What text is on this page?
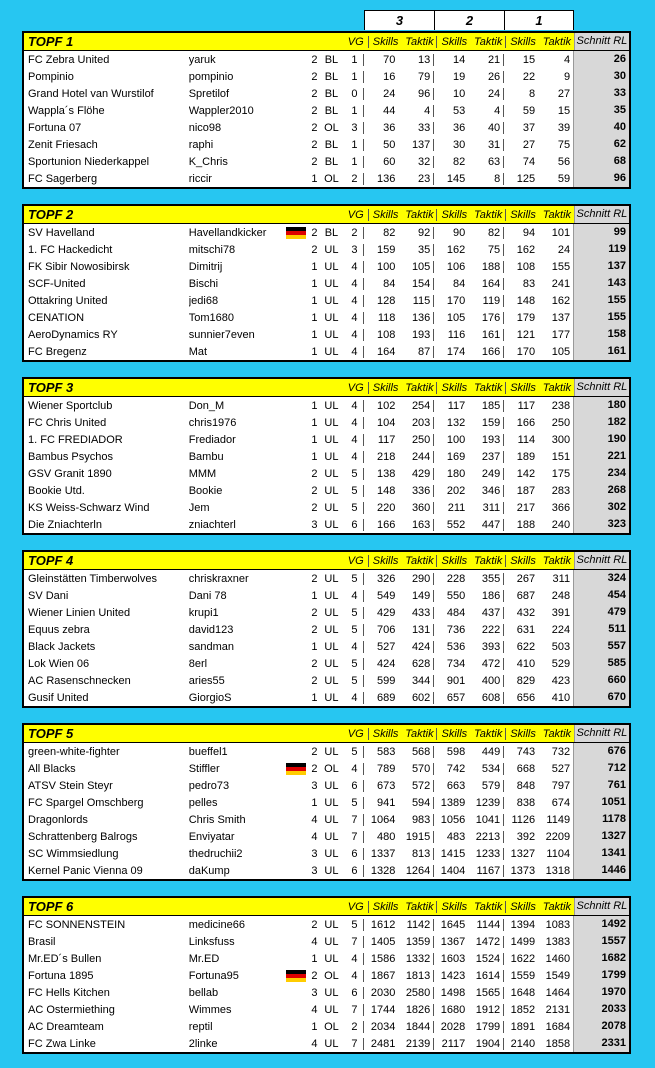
3	2	1
TOPF 1	VG Skills Taktik Skills Taktik Skills Taktik Schnitt RL
FC Zebra United	yaruk	2 BL	1	70	13	14	21	15	4	26
Pompinio	pompinio	2 BL	1	16	79	19	26	22	9	30
Grand Hotel van Wurstilof	Spretilof	2 BL	0	24	96	10	24	8	27	33
Wappla´s Flöhe	Wappler2010	2 BL	1	44	4	53	4	59	15	35
Fortuna 07	nico98	2 OL	3	36	33	36	40	37	39	40
Zenit Friesach	raphi	2 BL	1	50	137	30	31	27	75	62
Sportunion Niederkappel	K_Chris	2 BL	1	60	32	82	63	74	56	68
FC Sagerberg	riccir	1 OL	2	136	23	145	8	125	59	96
TOPF 2	VG Skills Taktik Skills Taktik Skills Taktik Schnitt RL
SV Havelland	Havellandkicker	2 BL	2	82	92	90	82	94	101	99
1. FC Hackedicht	mitschi78	2 UL	3	159	35	162	75	162	24	119
FK Sibir Nowosibirsk	Dimitrij	1 UL	4	100	105	106	188	108	155	137
SCF-United	Bischi	1 UL	4	84	154	84	164	83	241	143
Ottakring United	jedi68	1 UL	4	128	115	170	119	148	162	155
CENATION	Tom1680	1 UL	4	118	136	105	176	179	137	155
AeroDynamics RY	sunnier7even	1 UL	4	108	193	116	161	121	177	158
FC Bregenz	Mat	1 UL	4	164	87	174	166	170	105	161
TOPF 3	VG Skills Taktik Skills Taktik Skills Taktik Schnitt RL
Wiener Sportclub	Don_M	1 UL	4	102	254	117	185	117	238	180
FC Chris United	chris1976	1 UL	4	104	203	132	159	166	250	182
1. FC FREDIADOR	Frediador	1 UL	4	117	250	100	193	114	300	190
Bambus Psychos	Bambu	1 UL	4	218	244	169	237	189	151	221
GSV Granit 1890	MMM	2 UL	5	138	429	180	249	142	175	234
Bookie Utd.	Bookie	2 UL	5	148	336	202	346	187	283	268
KS Weiss-Schwarz Wind	Jem	2 UL	5	220	360	211	311	217	366	302
Die Zniachterln	zniachterl	3 UL	6	166	163	552	447	188	240	323
TOPF 4	VG Skills Taktik Skills Taktik Skills Taktik Schnitt RL
Gleinstätten Timberwolves	chriskraxner	2 UL	5	326	290	228	355	267	311	324
SV Dani	Dani 78	1 UL	4	549	149	550	186	687	248	454
Wiener Linien United	krupi1	2 UL	5	429	433	484	437	432	391	479
Equus zebra	david123	2 UL	5	706	131	736	222	631	224	511
Black Jackets	sandman	1 UL	4	527	424	536	393	622	503	557
Lok Wien 06	8erl	2 UL	5	424	628	734	472	410	529	585
AC Rasenschnecken	aries55	2 UL	5	599	344	901	400	829	423	660
Gusif United	GiorgioS	1 UL	4	689	602	657	608	656	410	670
TOPF 5	VG Skills Taktik Skills Taktik Skills Taktik Schnitt RL
green-white-fighter	bueffel1	2 UL	5	583	568	598	449	743	732	676
All Blacks	Stiffler	2 OL	4	789	570	742	534	668	527	712
ATSV Stein Steyr	pedro73	3 UL	6	673	572	663	579	848	797	761
FC Spargel Omschberg	pelles	1 UL	5	941	594 1389 1239	838	674	1051
Dragonlords	Chris Smith	4 UL	7	1064	983 1056 1041	1126	1149	1178
Schrattenberg Balrogs	Enviyatar	4 UL	7	480 1915	483 2213	392 2209	1327
SC Wimmsiedlung	thedruchii2	3 UL	6	1337	813 1415 1233 1327	1104	1341
Kernel Panic Vienna 09	daKump	3 UL	6	1328 1264 1404	1167 1373 1318	1446
TOPF 6	VG Skills Taktik Skills Taktik Skills Taktik Schnitt RL
FC SONNENSTEIN	medicine66	2 UL	5	1612	1142 1645	1144 1394 1083	1492
Brasil	Linksfuss	4 UL	7	1405 1359 1367 1472 1499 1383	1557
Mr.ED´s Bullen	Mr.ED	1 UL	4	1586 1332 1603 1524 1622 1460	1682
Fortuna 1895	Fortuna95	2 OL	4	1867 1813 1423 1614 1559 1549	1799
FC Hells Kitchen	bellab	3 UL	6	2030 2580 1498 1565 1648 1464	1970
AC Ostermiething	Wimmes	4 UL	7	1744 1826 1680 1912 1852 2131	2033
AC Dreamteam	reptil	1 OL	2	2034 1844 2028 1799 1891 1684	2078
FC Zwa Linke	2linke	4 UL	7	2481 2139	2117 1904 2140 1858	2331
